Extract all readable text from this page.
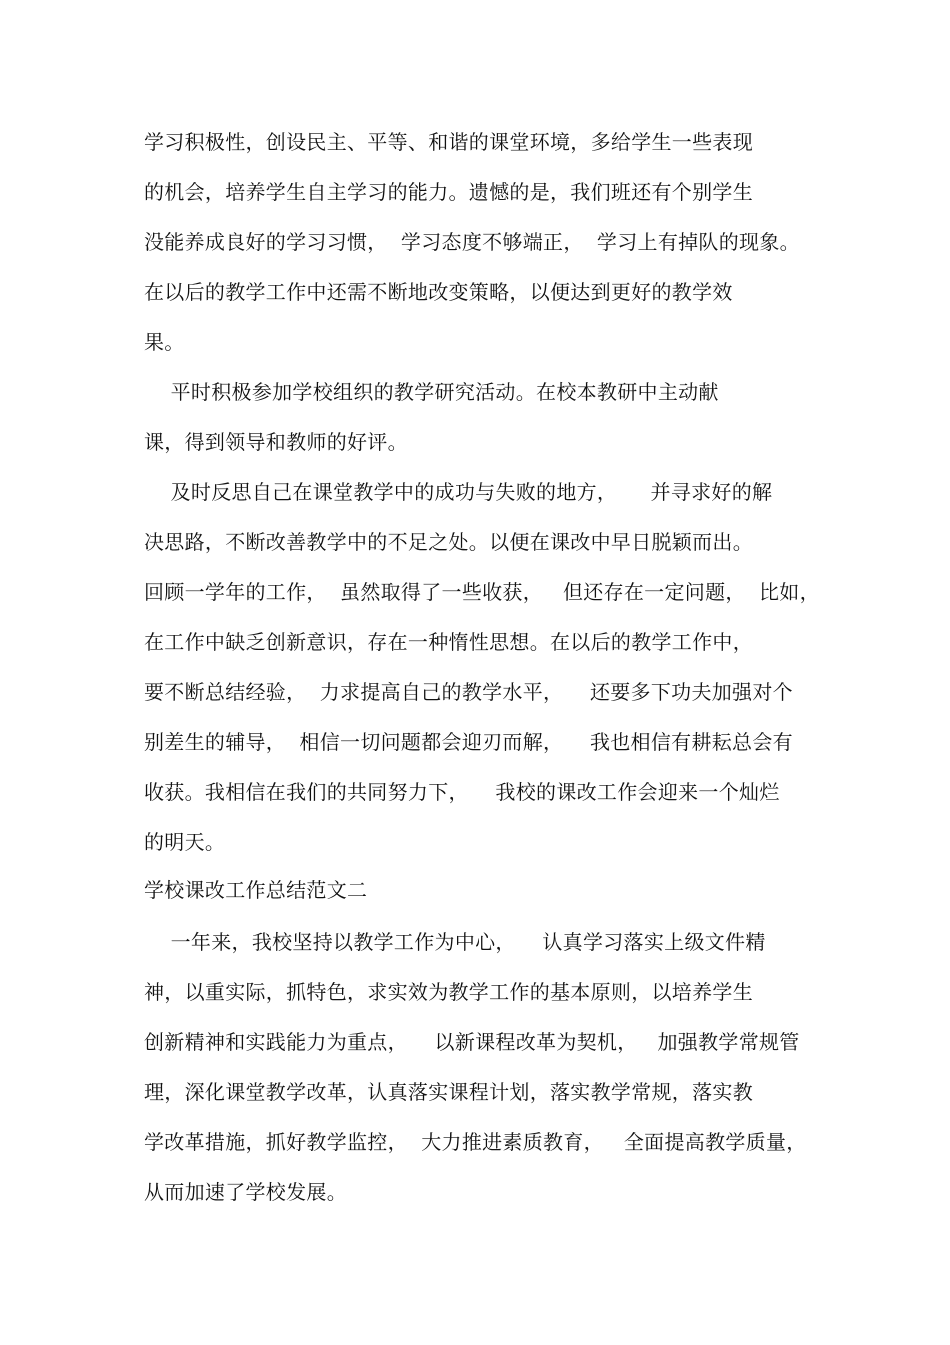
学习积极性，创设民主、平等、和谐的课堂环境，多给学生一些表现
的机会，培养学生自主学习的能力。遗憾的是，我们班还有个别学生
没能养成良好的学习习惯，  学习态度不够端正，  学习上有掉队的现象。
在以后的教学工作中还需不断地改变策略，以便达到更好的教学效
果。
平时积极参加学校组织的教学研究活动。在校本教研中主动献
课，得到领导和教师的好评。
及时反思自己在课堂教学中的成功与失败的地方，     并寻求好的解
决思路，不断改善教学中的不足之处。以便在课改中早日脱颖而出。
回顾一学年的工作，  虽然取得了一些收获，   但还存在一定问题，  比如，
在工作中缺乏创新意识，存在一种惰性思想。在以后的教学工作中，
要不断总结经验，  力求提高自己的教学水平，    还要多下功夫加强对个
别差生的辅导，  相信一切问题都会迎刃而解，    我也相信有耕耘总会有
收获。我相信在我们的共同努力下，    我校的课改工作会迎来一个灿烂
的明天。
学校课改工作总结范文二
一年来，我校坚持以教学工作为中心，    认真学习落实上级文件精
神，以重实际，抓特色，求实效为教学工作的基本原则，以培养学生
创新精神和实践能力为重点，    以新课程改革为契机，   加强教学常规管
理，深化课堂教学改革，认真落实课程计划，落实教学常规，落实教
学改革措施，抓好教学监控，  大力推进素质教育，   全面提高教学质量，
从而加速了学校发展。
